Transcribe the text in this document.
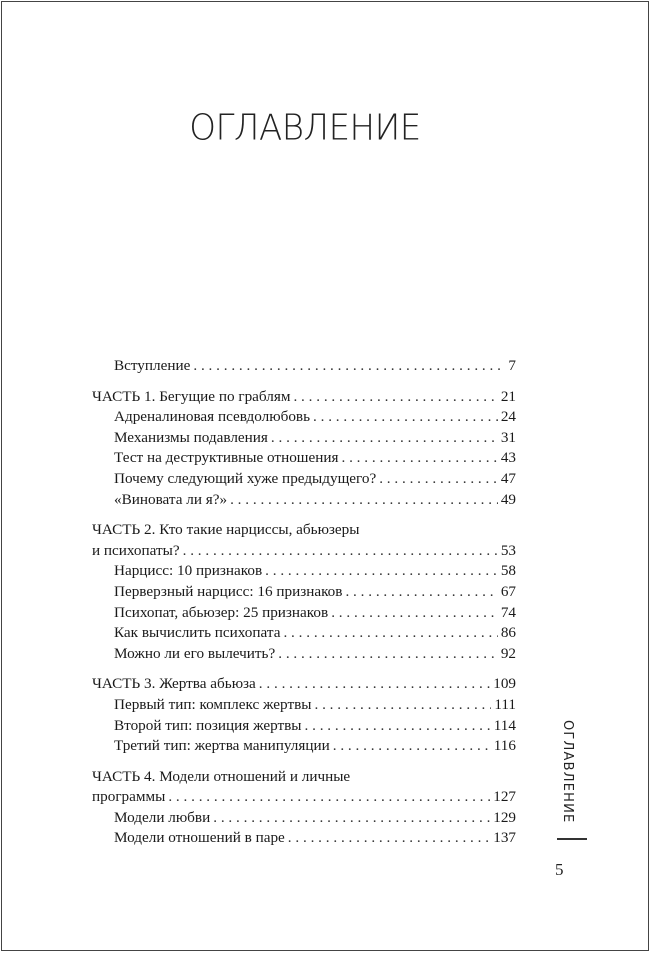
ОГЛАВЛЕНИЕ
Вступление . . .	7
ЧАСТЬ 1. Бегущие по граблям . . .	21
Адреналиновая псевдолюбовь . . .	24
Механизмы подавления . . .	31
Тест на деструктивные отношения . . .	43
Почему следующий хуже предыдущего? . . .	47
«Виновата ли я?» . . .	49
ЧАСТЬ 2. Кто такие нарциссы, абьюзеры
и психопаты? . . .	53
Нарцисс: 10 признаков . . .	58
Перверзный нарцисс: 16 признаков . . .	67
Психопат, абьюзер: 25 признаков . . .	74
Как вычислить психопата . . .	86
Можно ли его вылечить? . . .	92
ЧАСТЬ 3. Жертва абьюза . . .	109
Первый тип: комплекс жертвы . . .	111
Второй тип: позиция жертвы . . .	114
Третий тип: жертва манипуляции . . .	116
ЧАСТЬ 4. Модели отношений и личные
программы . . .	127
Модели любви . . .	129
Модели отношений в паре . . .	137
ОГЛАВЛЕНИЕ
5
